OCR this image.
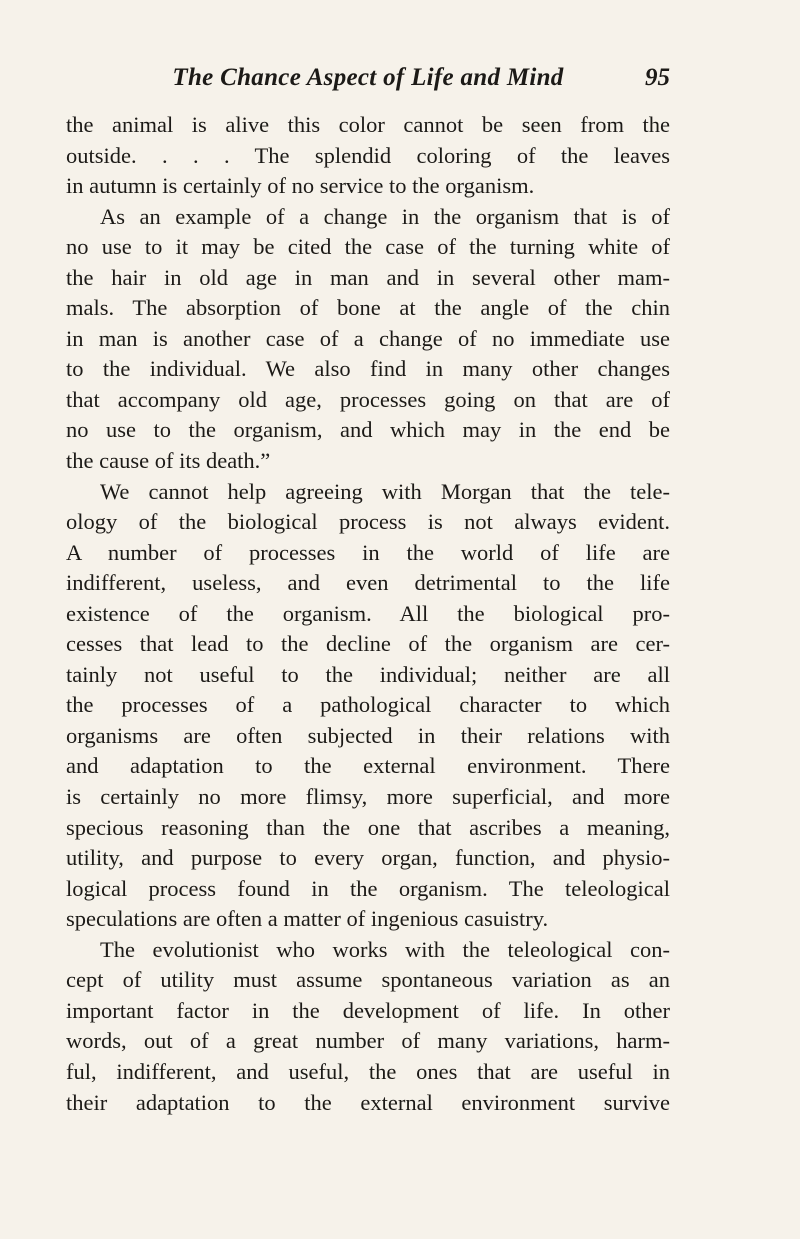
The Chance Aspect of Life and Mind	95
the animal is alive this color cannot be seen from the
outside. . . . The splendid coloring of the leaves
in autumn is certainly of no service to the organism.
As an example of a change in the organism that is of
no use to it may be cited the case of the turning white of
the hair in old age in man and in several other mam-
mals. The absorption of bone at the angle of the chin
in man is another case of a change of no immediate use
to the individual. We also find in many other changes
that accompany old age, processes going on that are of
no use to the organism, and which may in the end be
the cause of its death.”
We cannot help agreeing with Morgan that the tele-
ology of the biological process is not always evident.
A number of processes in the world of life are
indifferent, useless, and even detrimental to the life
existence of the organism. All the biological pro-
cesses that lead to the decline of the organism are cer-
tainly not useful to the individual; neither are all
the processes of a pathological character to which
organisms are often subjected in their relations with
and adaptation to the external environment. There
is certainly no more flimsy, more superficial, and more
specious reasoning than the one that ascribes a meaning,
utility, and purpose to every organ, function, and physio-
logical process found in the organism. The teleological
speculations are often a matter of ingenious casuistry.
The evolutionist who works with the teleological con-
cept of utility must assume spontaneous variation as an
important factor in the development of life. In other
words, out of a great number of many variations, harm-
ful, indifferent, and useful, the ones that are useful in
their adaptation to the external environment survive
